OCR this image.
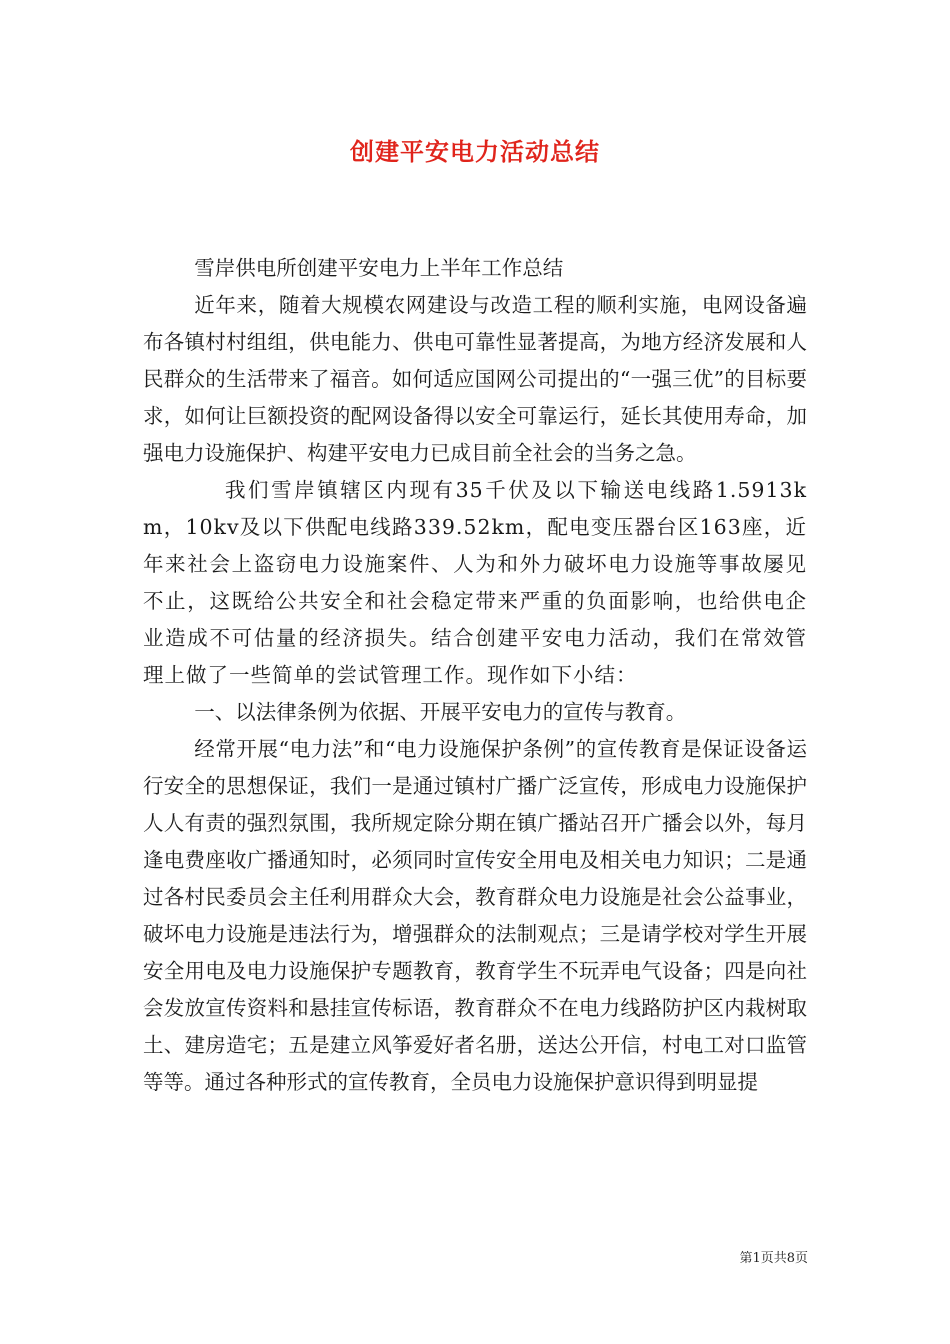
创建平安电力活动总结

雪岸供电所创建平安电力上半年工作总结

近年来，随着大规模农网建设与改造工程的顺利实施，电网设备遍布各镇村村组组，供电能力、供电可靠性显著提高，为地方经济发展和人民群众的生活带来了福音。如何适应国网公司提出的“一强三优”的目标要求，如何让巨额投资的配网设备得以安全可靠运行，延长其使用寿命，加强电力设施保护、构建平安电力已成目前全社会的当务之急。

我们雪岸镇辖区内现有35千伏及以下输送电线路1.5913km，10kv及以下供配电线路339.52km，配电变压器台区163座，近年来社会上盗窃电力设施案件、人为和外力破坏电力设施等事故屡见不止，这既给公共安全和社会稳定带来严重的负面影响，也给供电企业造成不可估量的经济损失。结合创建平安电力活动，我们在常效管理上做了一些简单的尝试管理工作。现作如下小结：

一、以法律条例为依据、开展平安电力的宣传与教育。

经常开展“电力法”和“电力设施保护条例”的宣传教育是保证设备运行安全的思想保证，我们一是通过镇村广播广泛宣传，形成电力设施保护人人有责的强烈氛围，我所规定除分期在镇广播站召开广播会以外，每月逢电费座收广播通知时，必须同时宣传安全用电及相关电力知识；二是通过各村民委员会主任利用群众大会，教育群众电力设施是社会公益事业，破坏电力设施是违法行为，增强群众的法制观点；三是请学校对学生开展安全用电及电力设施保护专题教育，教育学生不玩弄电气设备；四是向社会发放宣传资料和悬挂宣传标语，教育群众不在电力线路防护区内栽树取土、建房造宅；五是建立风筝爱好者名册，送达公开信，村电工对口监管等等。通过各种形式的宣传教育，全员电力设施保护意识得到明显提

第1页共8页
